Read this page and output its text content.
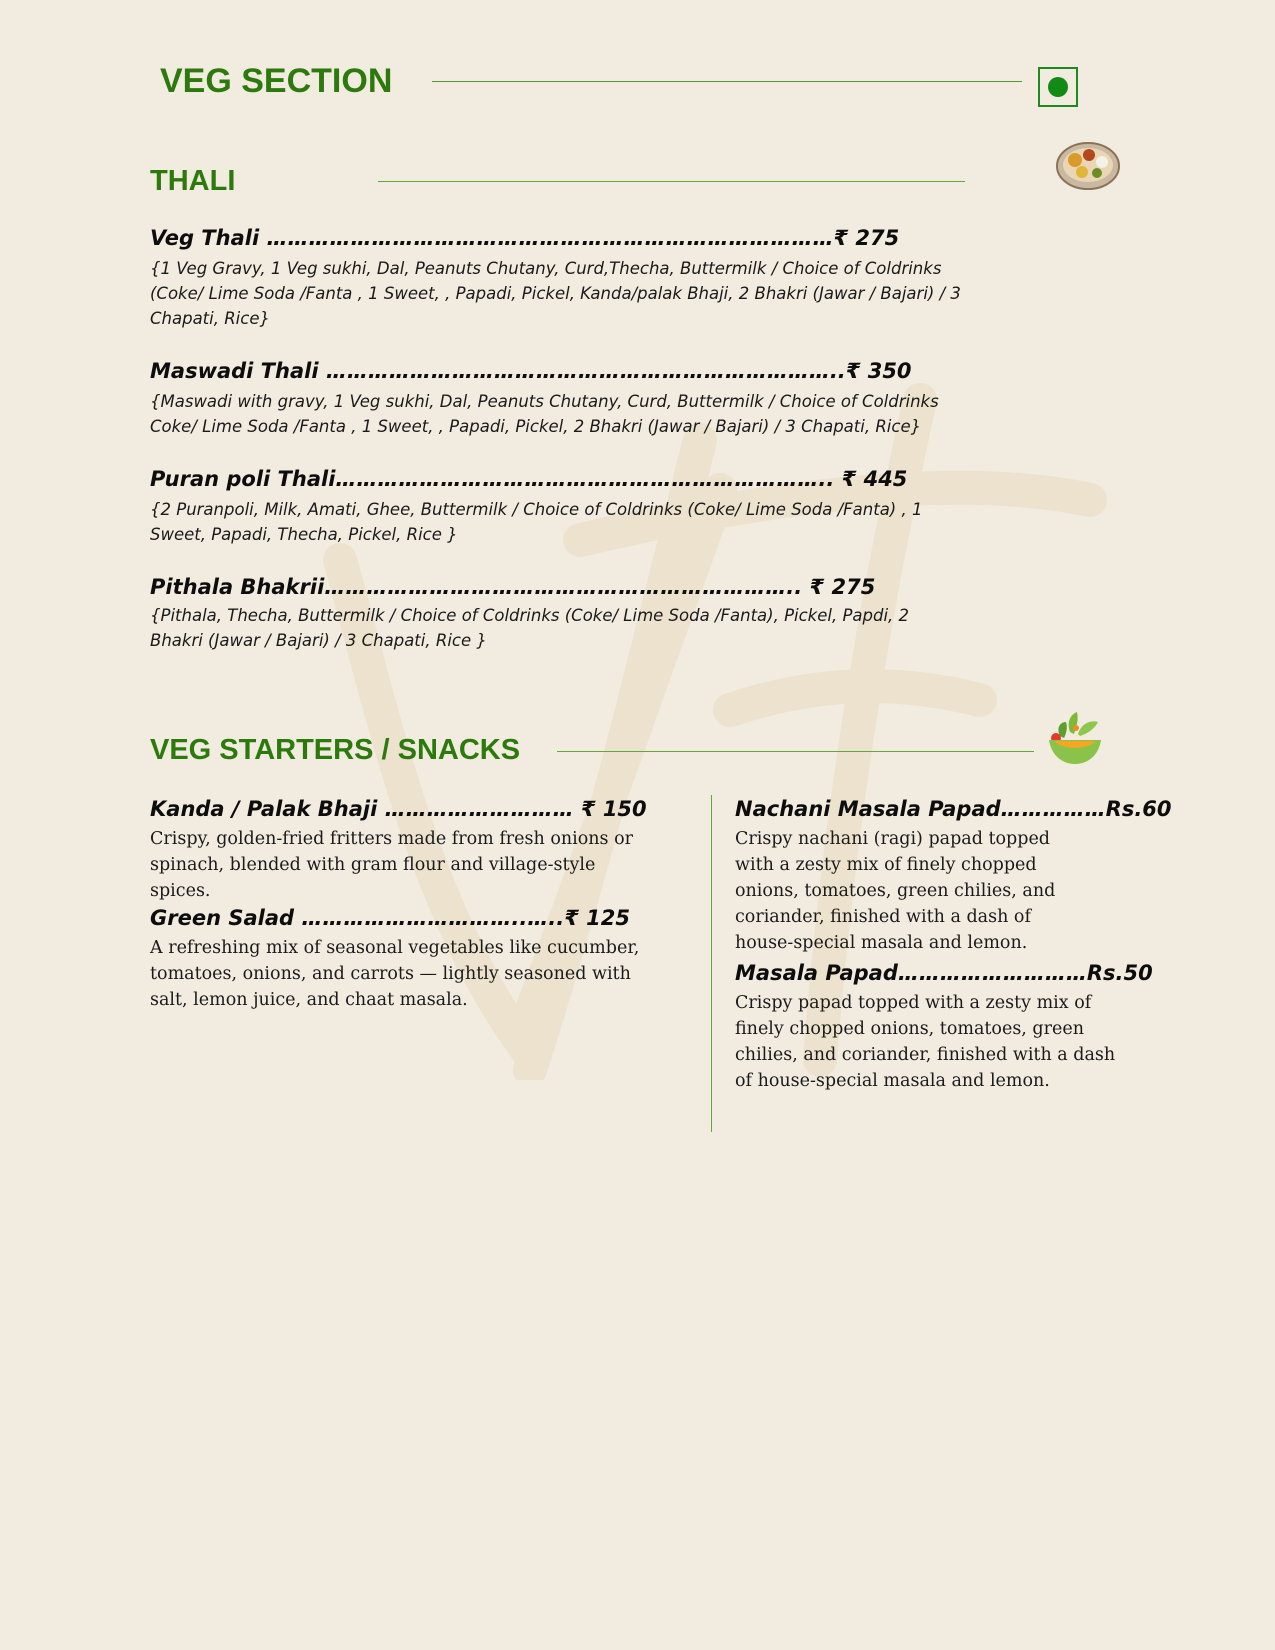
VEG SECTION
THALI
Veg Thali ………………………………………………………………………₹ 275

{1 Veg Gravy, 1 Veg sukhi, Dal, Peanuts Chutany, Curd,Thecha, Buttermilk / Choice of Coldrinks (Coke/ Lime Soda /Fanta , 1 Sweet, , Papadi, Pickel, Kanda/palak Bhaji, 2 Bhakri (Jawar / Bajari) / 3 Chapati, Rice}

Maswadi Thali ………………………………………………………………..₹ 350

{Maswadi with gravy, 1 Veg sukhi, Dal, Peanuts Chutany, Curd, Buttermilk / Choice of Coldrinks Coke/ Lime Soda /Fanta , 1 Sweet, , Papadi, Pickel, 2 Bhakri (Jawar / Bajari) / 3 Chapati, Rice}

Puran poli Thali…………………………………………………………….. ₹ 445

{2 Puranpoli, Milk, Amati, Ghee, Buttermilk / Choice of Coldrinks (Coke/ Lime Soda /Fanta) , 1 Sweet, Papadi, Thecha, Pickel, Rice }

Pithala Bhakrii………………………………………………………….. ₹ 275

{Pithala, Thecha, Buttermilk / Choice of Coldrinks (Coke/ Lime Soda /Fanta), Pickel, Papdi, 2 Bhakri (Jawar / Bajari) / 3 Chapati, Rice }

VEG STARTERS / SNACKS
Kanda / Palak Bhaji ……………………… ₹ 150

Crispy, golden-fried fritters made from fresh onions or spinach, blended with gram flour and village-style spices.

Green Salad …………………………..…..₹ 125

A refreshing mix of seasonal vegetables like cucumber, tomatoes, onions, and carrots — lightly seasoned with salt, lemon juice, and chaat masala.

Nachani Masala Papad……………Rs.60

Crispy nachani (ragi) papad topped with a zesty mix of finely chopped onions, tomatoes, green chilies, and coriander, finished with a dash of house-special masala and lemon.

Masala Papad………………………Rs.50

Crispy papad topped with a zesty mix of finely chopped onions, tomatoes, green chilies, and coriander, finished with a dash of house-special masala and lemon.
